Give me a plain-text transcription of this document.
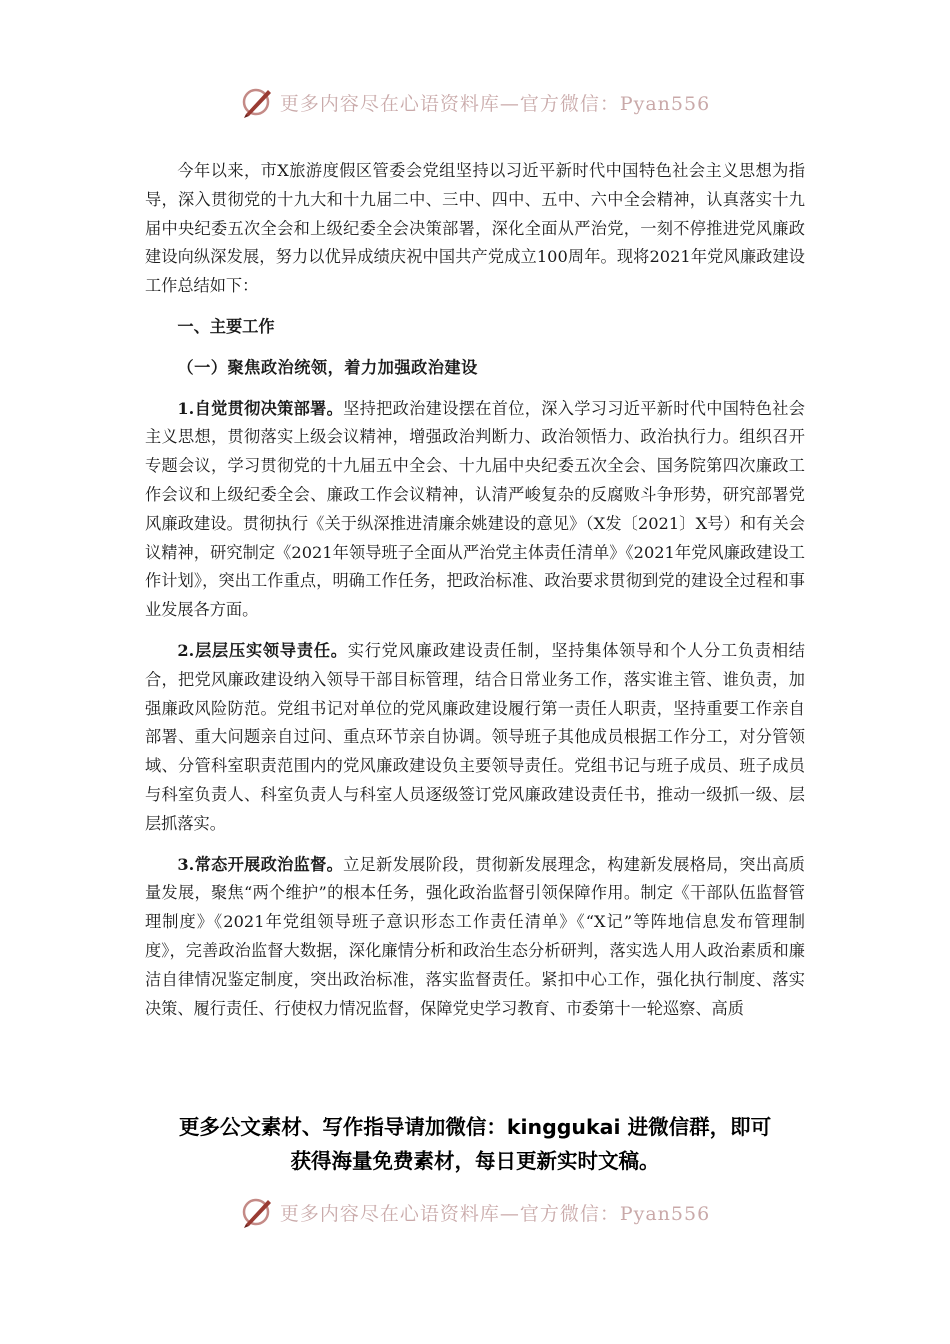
更多内容尽在心语资料库—官方微信：Pyan556

今年以来，市X旅游度假区管委会党组坚持以习近平新时代中国特色社会主义思想为指导，深入贯彻党的十九大和十九届二中、三中、四中、五中、六中全会精神，认真落实十九届中央纪委五次全会和上级纪委全会决策部署，深化全面从严治党，一刻不停推进党风廉政建设向纵深发展，努力以优异成绩庆祝中国共产党成立100周年。现将2021年党风廉政建设工作总结如下：

一、主要工作

（一）聚焦政治统领，着力加强政治建设

1.自觉贯彻决策部署。坚持把政治建设摆在首位，深入学习习近平新时代中国特色社会主义思想，贯彻落实上级会议精神，增强政治判断力、政治领悟力、政治执行力。组织召开专题会议，学习贯彻党的十九届五中全会、十九届中央纪委五次全会、国务院第四次廉政工作会议和上级纪委全会、廉政工作会议精神，认清严峻复杂的反腐败斗争形势，研究部署党风廉政建设。贯彻执行《关于纵深推进清廉余姚建设的意见》（X发〔2021〕X号）和有关会议精神，研究制定《2021年领导班子全面从严治党主体责任清单》《2021年党风廉政建设工作计划》，突出工作重点，明确工作任务，把政治标准、政治要求贯彻到党的建设全过程和事业发展各方面。

2.层层压实领导责任。实行党风廉政建设责任制，坚持集体领导和个人分工负责相结合，把党风廉政建设纳入领导干部目标管理，结合日常业务工作，落实谁主管、谁负责，加强廉政风险防范。党组书记对单位的党风廉政建设履行第一责任人职责，坚持重要工作亲自部署、重大问题亲自过问、重点环节亲自协调。领导班子其他成员根据工作分工，对分管领域、分管科室职责范围内的党风廉政建设负主要领导责任。党组书记与班子成员、班子成员与科室负责人、科室负责人与科室人员逐级签订党风廉政建设责任书，推动一级抓一级、层层抓落实。

3.常态开展政治监督。立足新发展阶段，贯彻新发展理念，构建新发展格局，突出高质量发展，聚焦“两个维护”的根本任务，强化政治监督引领保障作用。制定《干部队伍监督管理制度》《2021年党组领导班子意识形态工作责任清单》《“X记”等阵地信息发布管理制度》，完善政治监督大数据，深化廉情分析和政治生态分析研判，落实选人用人政治素质和廉洁自律情况鉴定制度，突出政治标准，落实监督责任。紧扣中心工作，强化执行制度、落实决策、履行责任、行使权力情况监督，保障党史学习教育、市委第十一轮巡察、高质

更多公文素材、写作指导请加微信：kinggukai 进微信群，即可
获得海量免费素材，每日更新实时文稿。
更多内容尽在心语资料库—官方微信：Pyan556
